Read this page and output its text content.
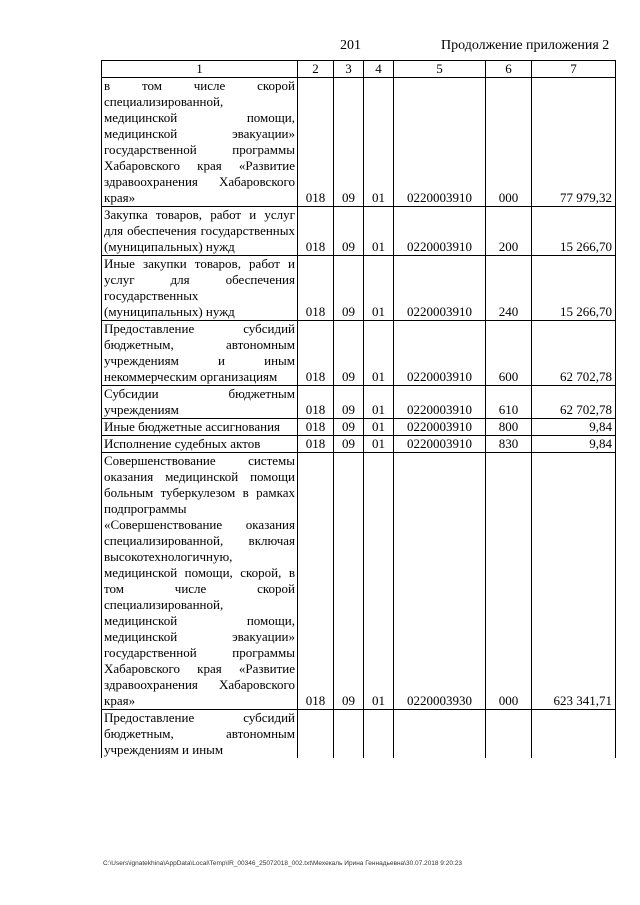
201	Продолжение приложения 2
1	2	3	4	5	6	7
в том числе скорой специализированной, медицинской помощи, медицинской эвакуации» государственной программы Хабаровского края «Развитие здравоохранения Хабаровского края»	018	09	01	0220003910	000	77 979,32
Закупка товаров, работ и услуг для обеспечения государственных (муниципальных) нужд	018	09	01	0220003910	200	15 266,70
Иные закупки товаров, работ и услуг для обеспечения государственных (муниципальных) нужд	018	09	01	0220003910	240	15 266,70
Предоставление субсидий бюджетным, автономным учреждениям и иным некоммерческим организациям	018	09	01	0220003910	600	62 702,78
Субсидии бюджетным учреждениям	018	09	01	0220003910	610	62 702,78
Иные бюджетные ассигнования	018	09	01	0220003910	800	9,84
Исполнение судебных актов	018	09	01	0220003910	830	9,84
Совершенствование системы оказания медицинской помощи больным туберкулезом в рамках подпрограммы «Совершенствование оказания специализированной, включая высокотехнологичную, медицинской помощи, скорой, в том числе скорой специализированной, медицинской помощи, медицинской эвакуации» государственной программы Хабаровского края «Развитие здравоохранения Хабаровского края»	018	09	01	0220003930	000	623 341,71
Предоставление субсидий бюджетным, автономным учреждениям и иным						
C:\Users\ignatekhina\AppData\Local\Temp\IR_00346_25072018_002.txt\Мехекаль Ирина Геннадьевна\30.07.2018 9:20:23
